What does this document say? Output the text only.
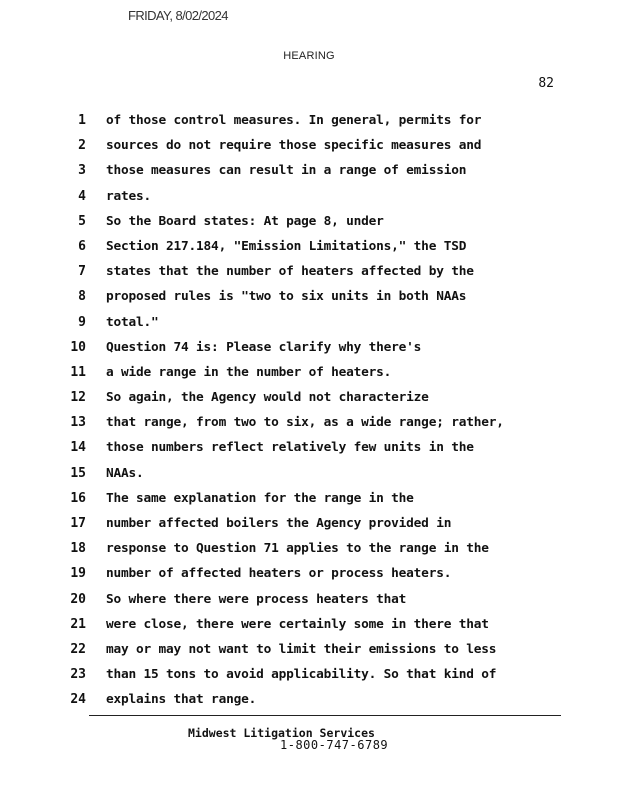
FRIDAY, 8/02/2024
HEARING
82
1 of those control measures. In general, permits for
2 sources do not require those specific measures and
3 those measures can result in a range of emission
4 rates.
5 So the Board states: At page 8, under
6 Section 217.184, "Emission Limitations," the TSD
7 states that the number of heaters affected by the
8 proposed rules is "two to six units in both NAAs
9 total."
10 Question 74 is: Please clarify why there's
11 a wide range in the number of heaters.
12 So again, the Agency would not characterize
13 that range, from two to six, as a wide range; rather,
14 those numbers reflect relatively few units in the
15 NAAs.
16 The same explanation for the range in the
17 number affected boilers the Agency provided in
18 response to Question 71 applies to the range in the
19 number of affected heaters or process heaters.
20 So where there were process heaters that
21 were close, there were certainly some in there that
22 may or may not want to limit their emissions to less
23 than 15 tons to avoid applicability. So that kind of
24 explains that range.
Midwest Litigation Services
1-800-747-6789
